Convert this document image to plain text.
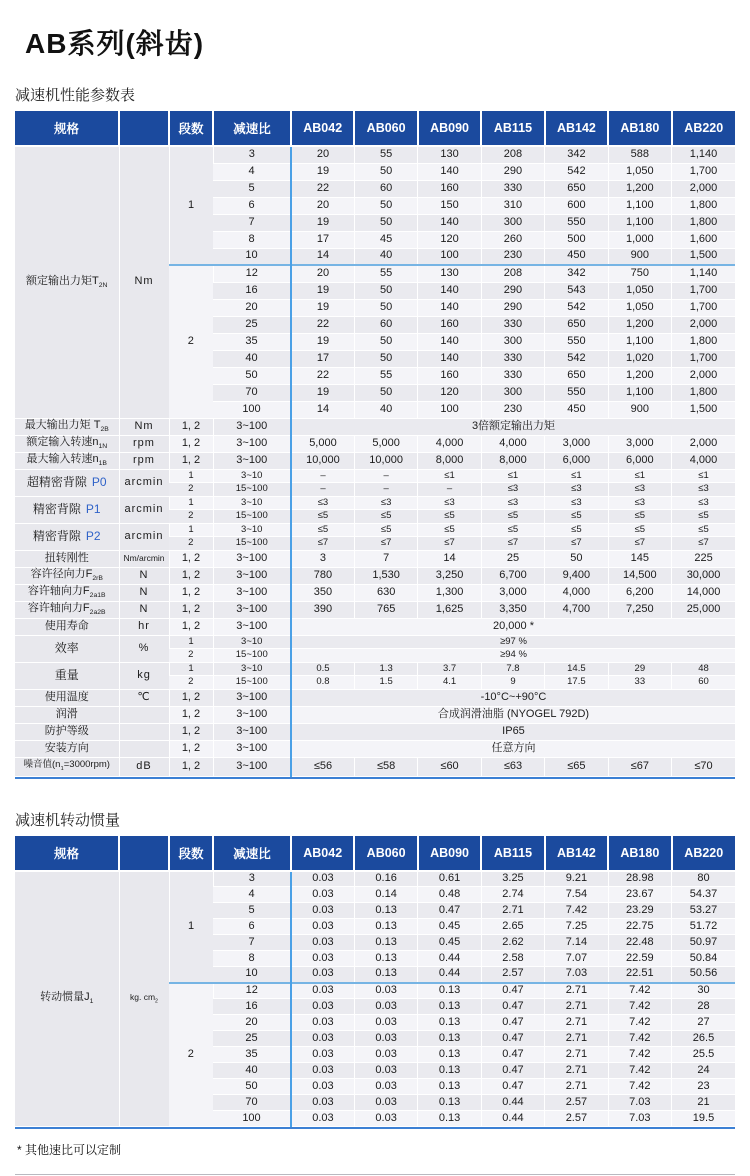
AB系列(斜齿)
减速机性能参数表
规格		段数	减速比	AB042	AB060	AB090	AB115	AB142	AB180	AB220
额定输出力矩$T_{2N}$	Nm	1	3	20	55	130	208	342	588	1,140
			4	19	50	140	290	542	1,050	1,700
			5	22	60	160	330	650	1,200	2,000
			6	20	50	150	310	600	1,100	1,800
			7	19	50	140	300	550	1,100	1,800
			8	17	45	120	260	500	1,000	1,600
			10	14	40	100	230	450	900	1,500
		2	12	20	55	130	208	342	750	1,140
			16	19	50	140	290	543	1,050	1,700
			20	19	50	140	290	542	1,050	1,700
			25	22	60	160	330	650	1,200	2,000
			35	19	50	140	300	550	1,100	1,800
			40	17	50	140	330	542	1,020	1,700
			50	22	55	160	330	650	1,200	2,000
			70	19	50	120	300	550	1,100	1,800
			100	14	40	100	230	450	900	1,500
最大输出力矩 $T_{2B}$	Nm	1, 2	3~100	3倍额定输出力矩						
额定输入转速$n_{1N}$	rpm	1, 2	3~100	5,000	5,000	4,000	4,000	3,000	3,000	2,000
最大输入转速$n_{1B}$	rpm	1, 2	3~100	10,000	10,000	8,000	8,000	6,000	6,000	4,000
超精密背隙 P0	arcmin	1	3~10	–	–	≤1	≤1	≤1	≤1	≤1
		2	15~100	–	–	–	≤3	≤3	≤3	≤3
精密背隙 P1	arcmin	1	3~10	≤3	≤3	≤3	≤3	≤3	≤3	≤3
		2	15~100	≤5	≤5	≤5	≤5	≤5	≤5	≤5
精密背隙 P2	arcmin	1	3~10	≤5	≤5	≤5	≤5	≤5	≤5	≤5
		2	15~100	≤7	≤7	≤7	≤7	≤7	≤7	≤7
扭转刚性	Nm/arcmin	1, 2	3~100	3	7	14	25	50	145	225
容许径向力$F_{2rB}$	N	1, 2	3~100	780	1,530	3,250	6,700	9,400	14,500	30,000
容许轴向力$F_{2a1B}$	N	1, 2	3~100	350	630	1,300	3,000	4,000	6,200	14,000
容许轴向力$F_{2a2B}$	N	1, 2	3~100	390	765	1,625	3,350	4,700	7,250	25,000
使用寿命	hr	1, 2	3~100	20,000 *						
效率	%	1	3~10	≥97 %						
		2	15~100	≥94 %						
重量	kg	1	3~10	0.5	1.3	3.7	7.8	14.5	29	48
		2	15~100	0.8	1.5	4.1	9	17.5	33	60
使用温度	℃	1, 2	3~100	-10°C~+90°C						
润滑		1, 2	3~100	合成润滑油脂 (NYOGEL 792D)						
防护等级		1, 2	3~100	IP65						
安装方向		1, 2	3~100	任意方向						
噪音值$(n_1=3000rpm)$	dB	1, 2	3~100	≤56	≤58	≤60	≤63	≤65	≤67	≤70
减速机转动惯量
规格		段数	减速比	AB042	AB060	AB090	AB115	AB142	AB180	AB220
转动惯量$J_1$	kg. $cm_2$	1	3	0.03	0.16	0.61	3.25	9.21	28.98	80
			4	0.03	0.14	0.48	2.74	7.54	23.67	54.37
			5	0.03	0.13	0.47	2.71	7.42	23.29	53.27
			6	0.03	0.13	0.45	2.65	7.25	22.75	51.72
			7	0.03	0.13	0.45	2.62	7.14	22.48	50.97
			8	0.03	0.13	0.44	2.58	7.07	22.59	50.84
			10	0.03	0.13	0.44	2.57	7.03	22.51	50.56
		2	12	0.03	0.03	0.13	0.47	2.71	7.42	30
			16	0.03	0.03	0.13	0.47	2.71	7.42	28
			20	0.03	0.03	0.13	0.47	2.71	7.42	27
			25	0.03	0.03	0.13	0.47	2.71	7.42	26.5
			35	0.03	0.03	0.13	0.47	2.71	7.42	25.5
			40	0.03	0.03	0.13	0.47	2.71	7.42	24
			50	0.03	0.03	0.13	0.47	2.71	7.42	23
			70	0.03	0.03	0.13	0.44	2.57	7.03	21
			100	0.03	0.03	0.13	0.44	2.57	7.03	19.5
* 其他速比可以定制
